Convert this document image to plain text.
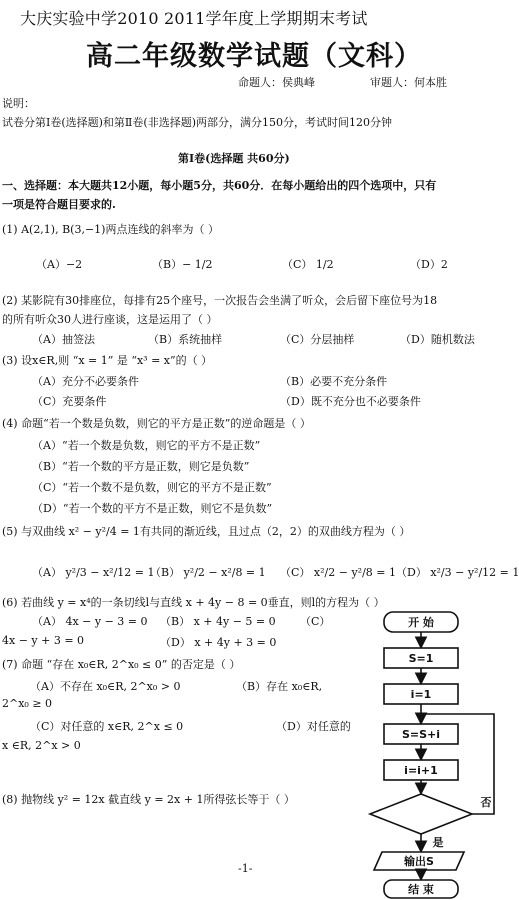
大庆实验中学2010 2011学年度上学期期末考试
高二年级数学试题（文科）
命题人：侯典峰	审题人：何本胜
说明：
试卷分第Ⅰ卷(选择题)和第Ⅱ卷(非选择题)两部分，满分150分，考试时间120分钟
第Ⅰ卷(选择题 共60分)
一、选择题：本大题共12小题，每小题5分，共60分．在每小题给出的四个选项中，只有
一项是符合题目要求的.
(1) A(2,1), B(3,−1)两点连线的斜率为（ ）
（A）−2	（B）− 1/2	（C） 1/2	（D）2
(2) 某影院有30排座位，每排有25个座号，一次报告会坐满了听众，会后留下座位号为18
的所有听众30人进行座谈，这是运用了（ ）
（A）抽签法	（B）系统抽样	（C）分层抽样	（D）随机数法
(3) 设x∈R,则 “x = 1” 是 “x³ = x”的（ ）
（A）充分不必要条件	（B）必要不充分条件
（C）充要条件	（D）既不充分也不必要条件
(4) 命题“若一个数是负数，则它的平方是正数”的逆命题是（ ）
（A）“若一个数是负数，则它的平方不是正数”
（B）“若一个数的平方是正数，则它是负数”
（C）“若一个数不是负数，则它的平方不是正数”
（D）“若一个数的平方不是正数，则它不是负数”
(5) 与双曲线 x² − y²/4 = 1有共同的渐近线，且过点（2，2）的双曲线方程为（ ）
（A） y²/3 − x²/12 = 1
（B） y²/2 − x²/8 = 1 （C） x²/2 − y²/8 = 1 （D） x²/3 − y²/12 = 1
(6) 若曲线 y = x⁴的一条切线l与直线 x + 4y − 8 = 0垂直，则l的方程为（ ）
（A） 4x − y − 3 = 0 （B） x + 4y − 5 = 0 （C）
4x − y + 3 = 0	（D） x + 4y + 3 = 0
(7) 命题 “存在 x₀∈R, 2^x₀ ≤ 0” 的否定是（ ）
（A）不存在 x₀∈R, 2^x₀ > 0	（B）存在 x₀∈R,
2^x₀ ≥ 0
（C）对任意的 x∈R, 2^x ≤ 0	（D）对任意的
x ∈R, 2^x > 0
(8) 抛物线 y² = 12x 截直线 y = 2x + 1所得弦长等于（ ）
-1-
开 始
S=1
i=1
S=S+i
i=i+1
否
是
输出S
结 束
